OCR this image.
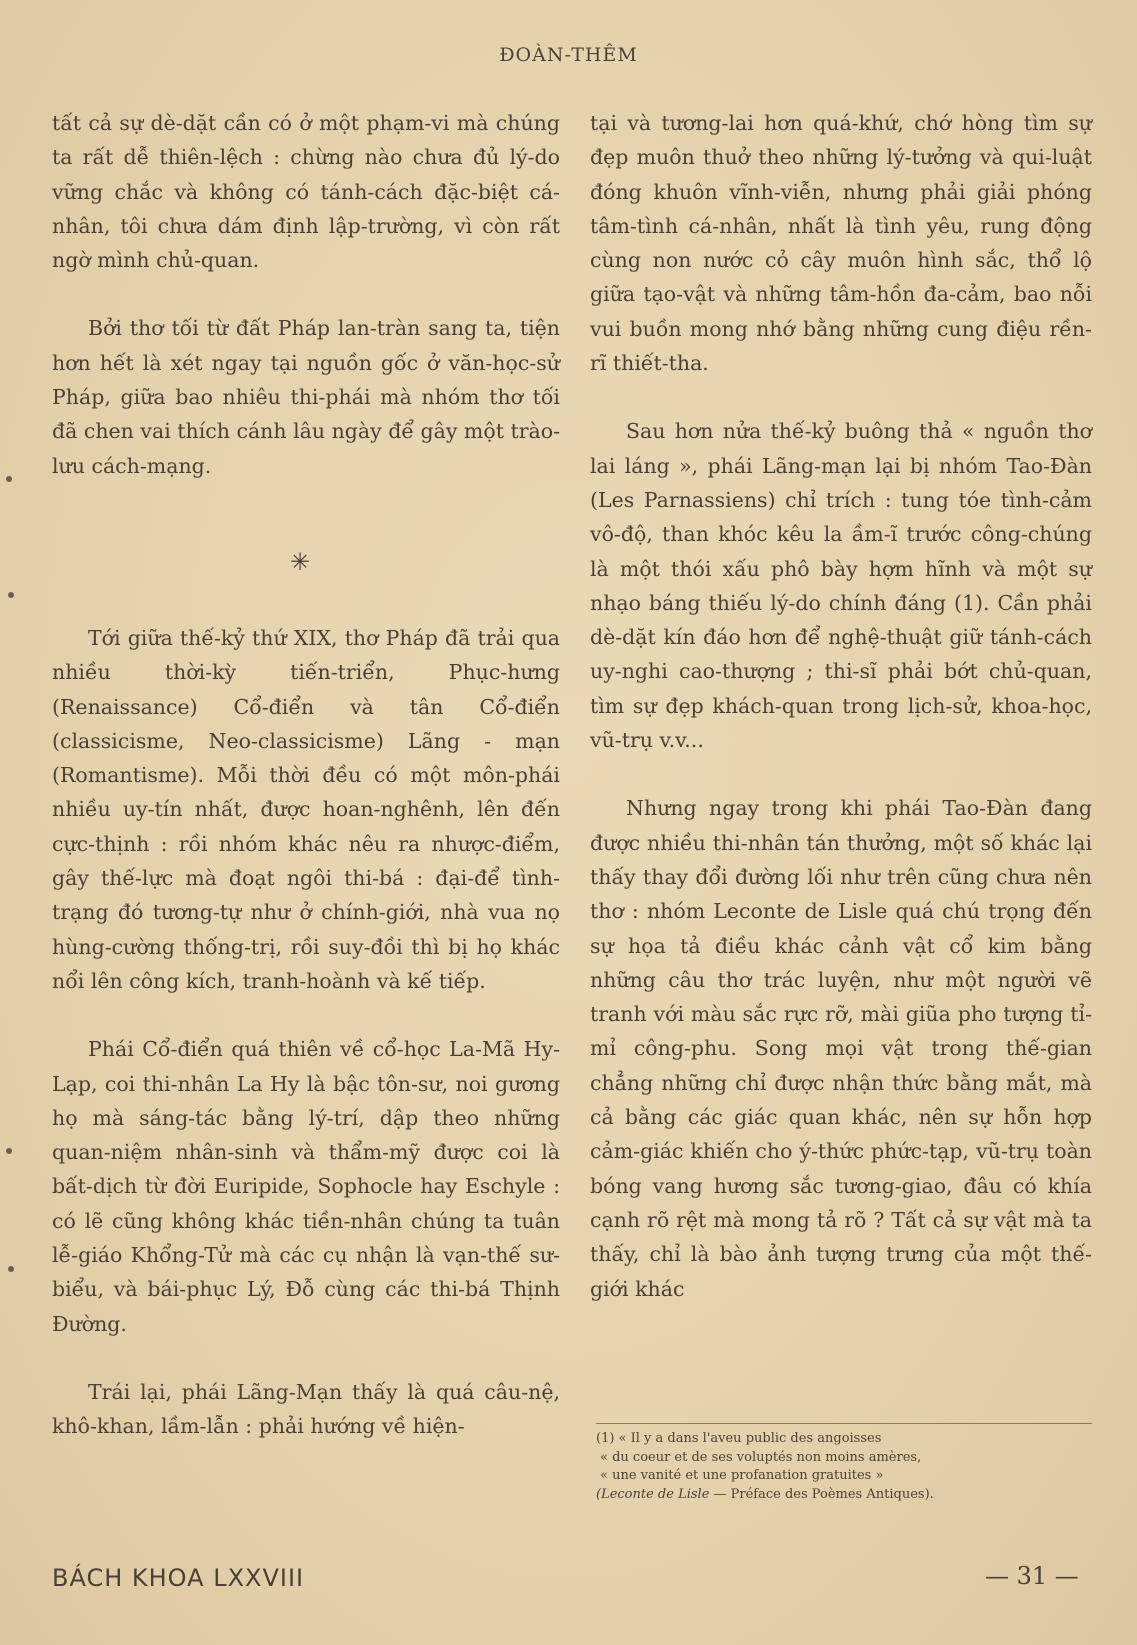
ĐOÀN-THÊM

tất cả sự dè-dặt cần có ở một phạm-vi mà chúng ta rất dễ thiên-lệch : chừng nào chưa đủ lý-do vững chắc và không có tánh-cách đặc-biệt cá-nhân, tôi chưa dám định lập-trường, vì còn rất ngờ mình chủ-quan.

Bởi thơ tối từ đất Pháp lan-tràn sang ta, tiện hơn hết là xét ngay tại nguồn gốc ở văn-học-sử Pháp, giữa bao nhiêu thi-phái mà nhóm thơ tối đã chen vai thích cánh lâu ngày để gây một trào-lưu cách-mạng.

Tới giữa thế-kỷ thứ XIX, thơ Pháp đã trải qua nhiều thời-kỳ tiến-triển, Phục-hưng (Renaissance) Cổ-điển và tân Cổ-điển (classicisme, Neo-classicisme) Lãng - mạn (Romantisme). Mỗi thời đều có một môn-phái nhiều uy-tín nhất, được hoan-nghênh, lên đến cực-thịnh : rồi nhóm khác nêu ra nhược-điểm, gây thế-lực mà đoạt ngôi thi-bá : đại-để tình-trạng đó tương-tự như ở chính-giới, nhà vua nọ hùng-cường thống-trị, rồi suy-đồi thì bị họ khác nổi lên công kích, tranh-hoành và kế tiếp.

Phái Cổ-điển quá thiên về cổ-học La-Mã Hy-Lạp, coi thi-nhân La Hy là bậc tôn-sư, noi gương họ mà sáng-tác bằng lý-trí, dập theo những quan-niệm nhân-sinh và thẩm-mỹ được coi là bất-dịch từ đời Euripide, Sophocle hay Eschyle : có lẽ cũng không khác tiền-nhân chúng ta tuân lễ-giáo Khổng-Tử mà các cụ nhận là vạn-thế sư-biểu, và bái-phục Lý, Đỗ cùng các thi-bá Thịnh Đường.

Trái lại, phái Lãng-Mạn thấy là quá câu-nệ, khô-khan, lầm-lẫn : phải hướng về hiện-

✳

tại và tương-lai hơn quá-khứ, chớ hòng tìm sự đẹp muôn thuở theo những lý-tưởng và qui-luật đóng khuôn vĩnh-viễn, nhưng phải giải phóng tâm-tình cá-nhân, nhất là tình yêu, rung động cùng non nước cỏ cây muôn hình sắc, thổ lộ giữa tạo-vật và những tâm-hồn đa-cảm, bao nỗi vui buồn mong nhớ bằng những cung điệu rền-rĩ thiết-tha.

Sau hơn nửa thế-kỷ buông thả « nguồn thơ lai láng », phái Lãng-mạn lại bị nhóm Tao-Đàn (Les Parnassiens) chỉ trích : tung tóe tình-cảm vô-độ, than khóc kêu la ầm-ĩ trước công-chúng là một thói xấu phô bày hợm hĩnh và một sự nhạo báng thiếu lý-do chính đáng (1). Cần phải dè-dặt kín đáo hơn để nghệ-thuật giữ tánh-cách uy-nghi cao-thượng ; thi-sĩ phải bớt chủ-quan, tìm sự đẹp khách-quan trong lịch-sử, khoa-học, vũ-trụ v.v...

Nhưng ngay trong khi phái Tao-Đàn đang được nhiều thi-nhân tán thưởng, một số khác lại thấy thay đổi đường lối như trên cũng chưa nên thơ : nhóm Leconte de Lisle quá chú trọng đến sự họa tả điều khác cảnh vật cổ kim bằng những câu thơ trác luyện, như một người vẽ tranh với màu sắc rực rỡ, mài giũa pho tượng tỉ-mỉ công-phu. Song mọi vật trong thế-gian chẳng những chỉ được nhận thức bằng mắt, mà cả bằng các giác quan khác, nên sự hỗn hợp cảm-giác khiến cho ý-thức phức-tạp, vũ-trụ toàn bóng vang hương sắc tương-giao, đâu có khía cạnh rõ rệt mà mong tả rõ ? Tất cả sự vật mà ta thấy, chỉ là bào ảnh tượng trưng của một thế-giới khác

(1) « Il y a dans l'aveu public des angoisses
« du coeur et de ses voluptés non moins amères,
« une vanité et une profanation gratuites »
(Leconte de Lisle — Préface des Poèmes Antiques).
BÁCH KHOA LXXVIII	— 31 —
